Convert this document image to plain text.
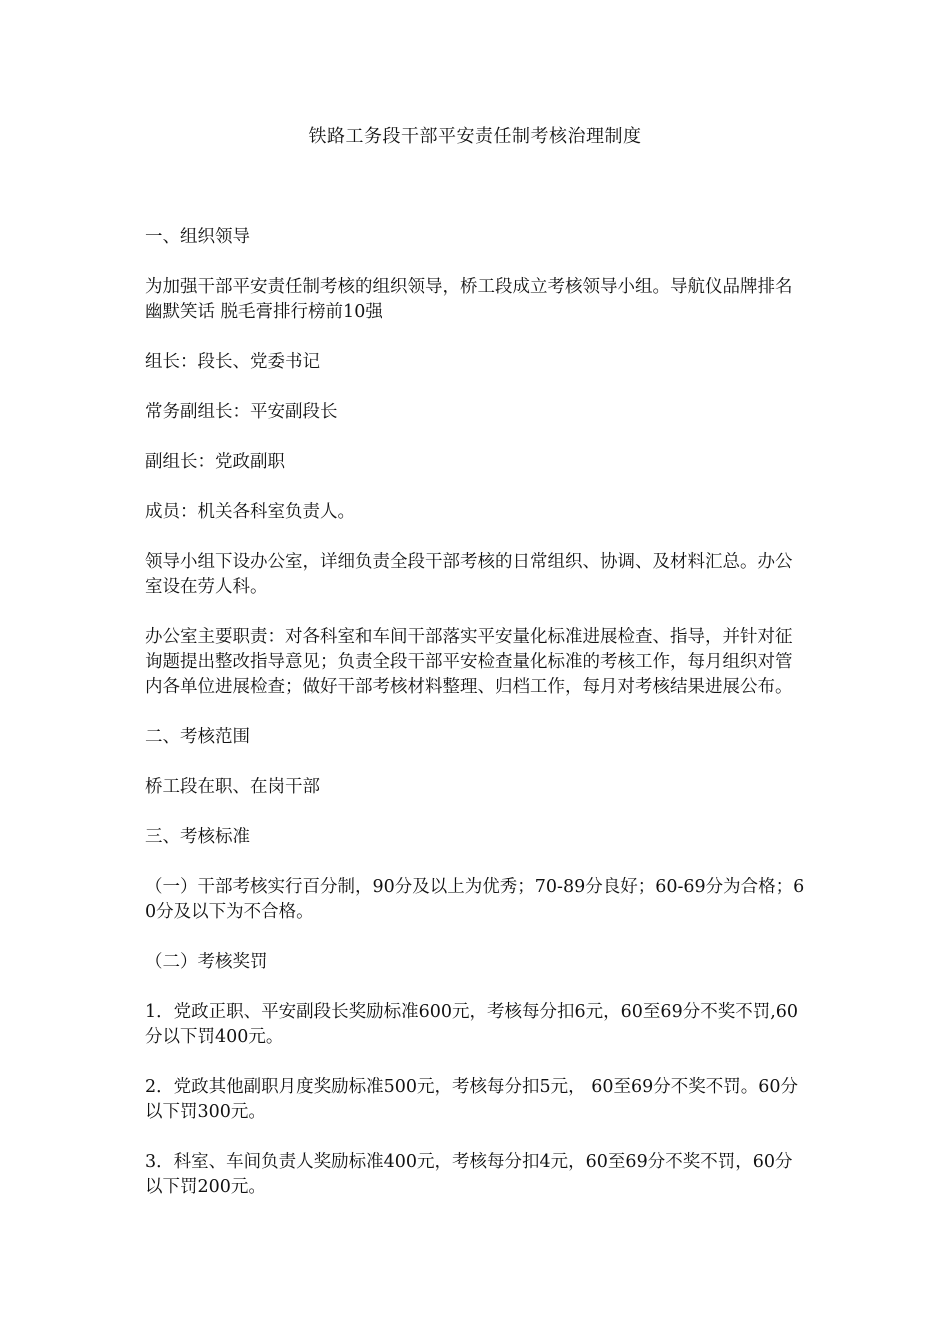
铁路工务段干部平安责任制考核治理制度

一、组织领导

为加强干部平安责任制考核的组织领导，桥工段成立考核领导小组。导航仪品牌排名 幽默笑话 脱毛膏排行榜前10强

组长：段长、党委书记

常务副组长：平安副段长

副组长：党政副职

成员：机关各科室负责人。

领导小组下设办公室，详细负责全段干部考核的日常组织、协调、及材料汇总。办公室设在劳人科。

办公室主要职责：对各科室和车间干部落实平安量化标准进展检查、指导，并针对征询题提出整改指导意见；负责全段干部平安检查量化标准的考核工作，每月组织对管内各单位进展检查；做好干部考核材料整理、归档工作，每月对考核结果进展公布。

二、考核范围

桥工段在职、在岗干部

三、考核标准

（一）干部考核实行百分制，90分及以上为优秀；70-89分良好；60-69分为合格；60分及以下为不合格。

（二）考核奖罚

1．党政正职、平安副段长奖励标准600元，考核每分扣6元，60至69分不奖不罚,60分以下罚400元。

2．党政其他副职月度奖励标准500元，考核每分扣5元， 60至69分不奖不罚。60分以下罚300元。

3．科室、车间负责人奖励标准400元，考核每分扣4元，60至69分不奖不罚，60分以下罚200元。
